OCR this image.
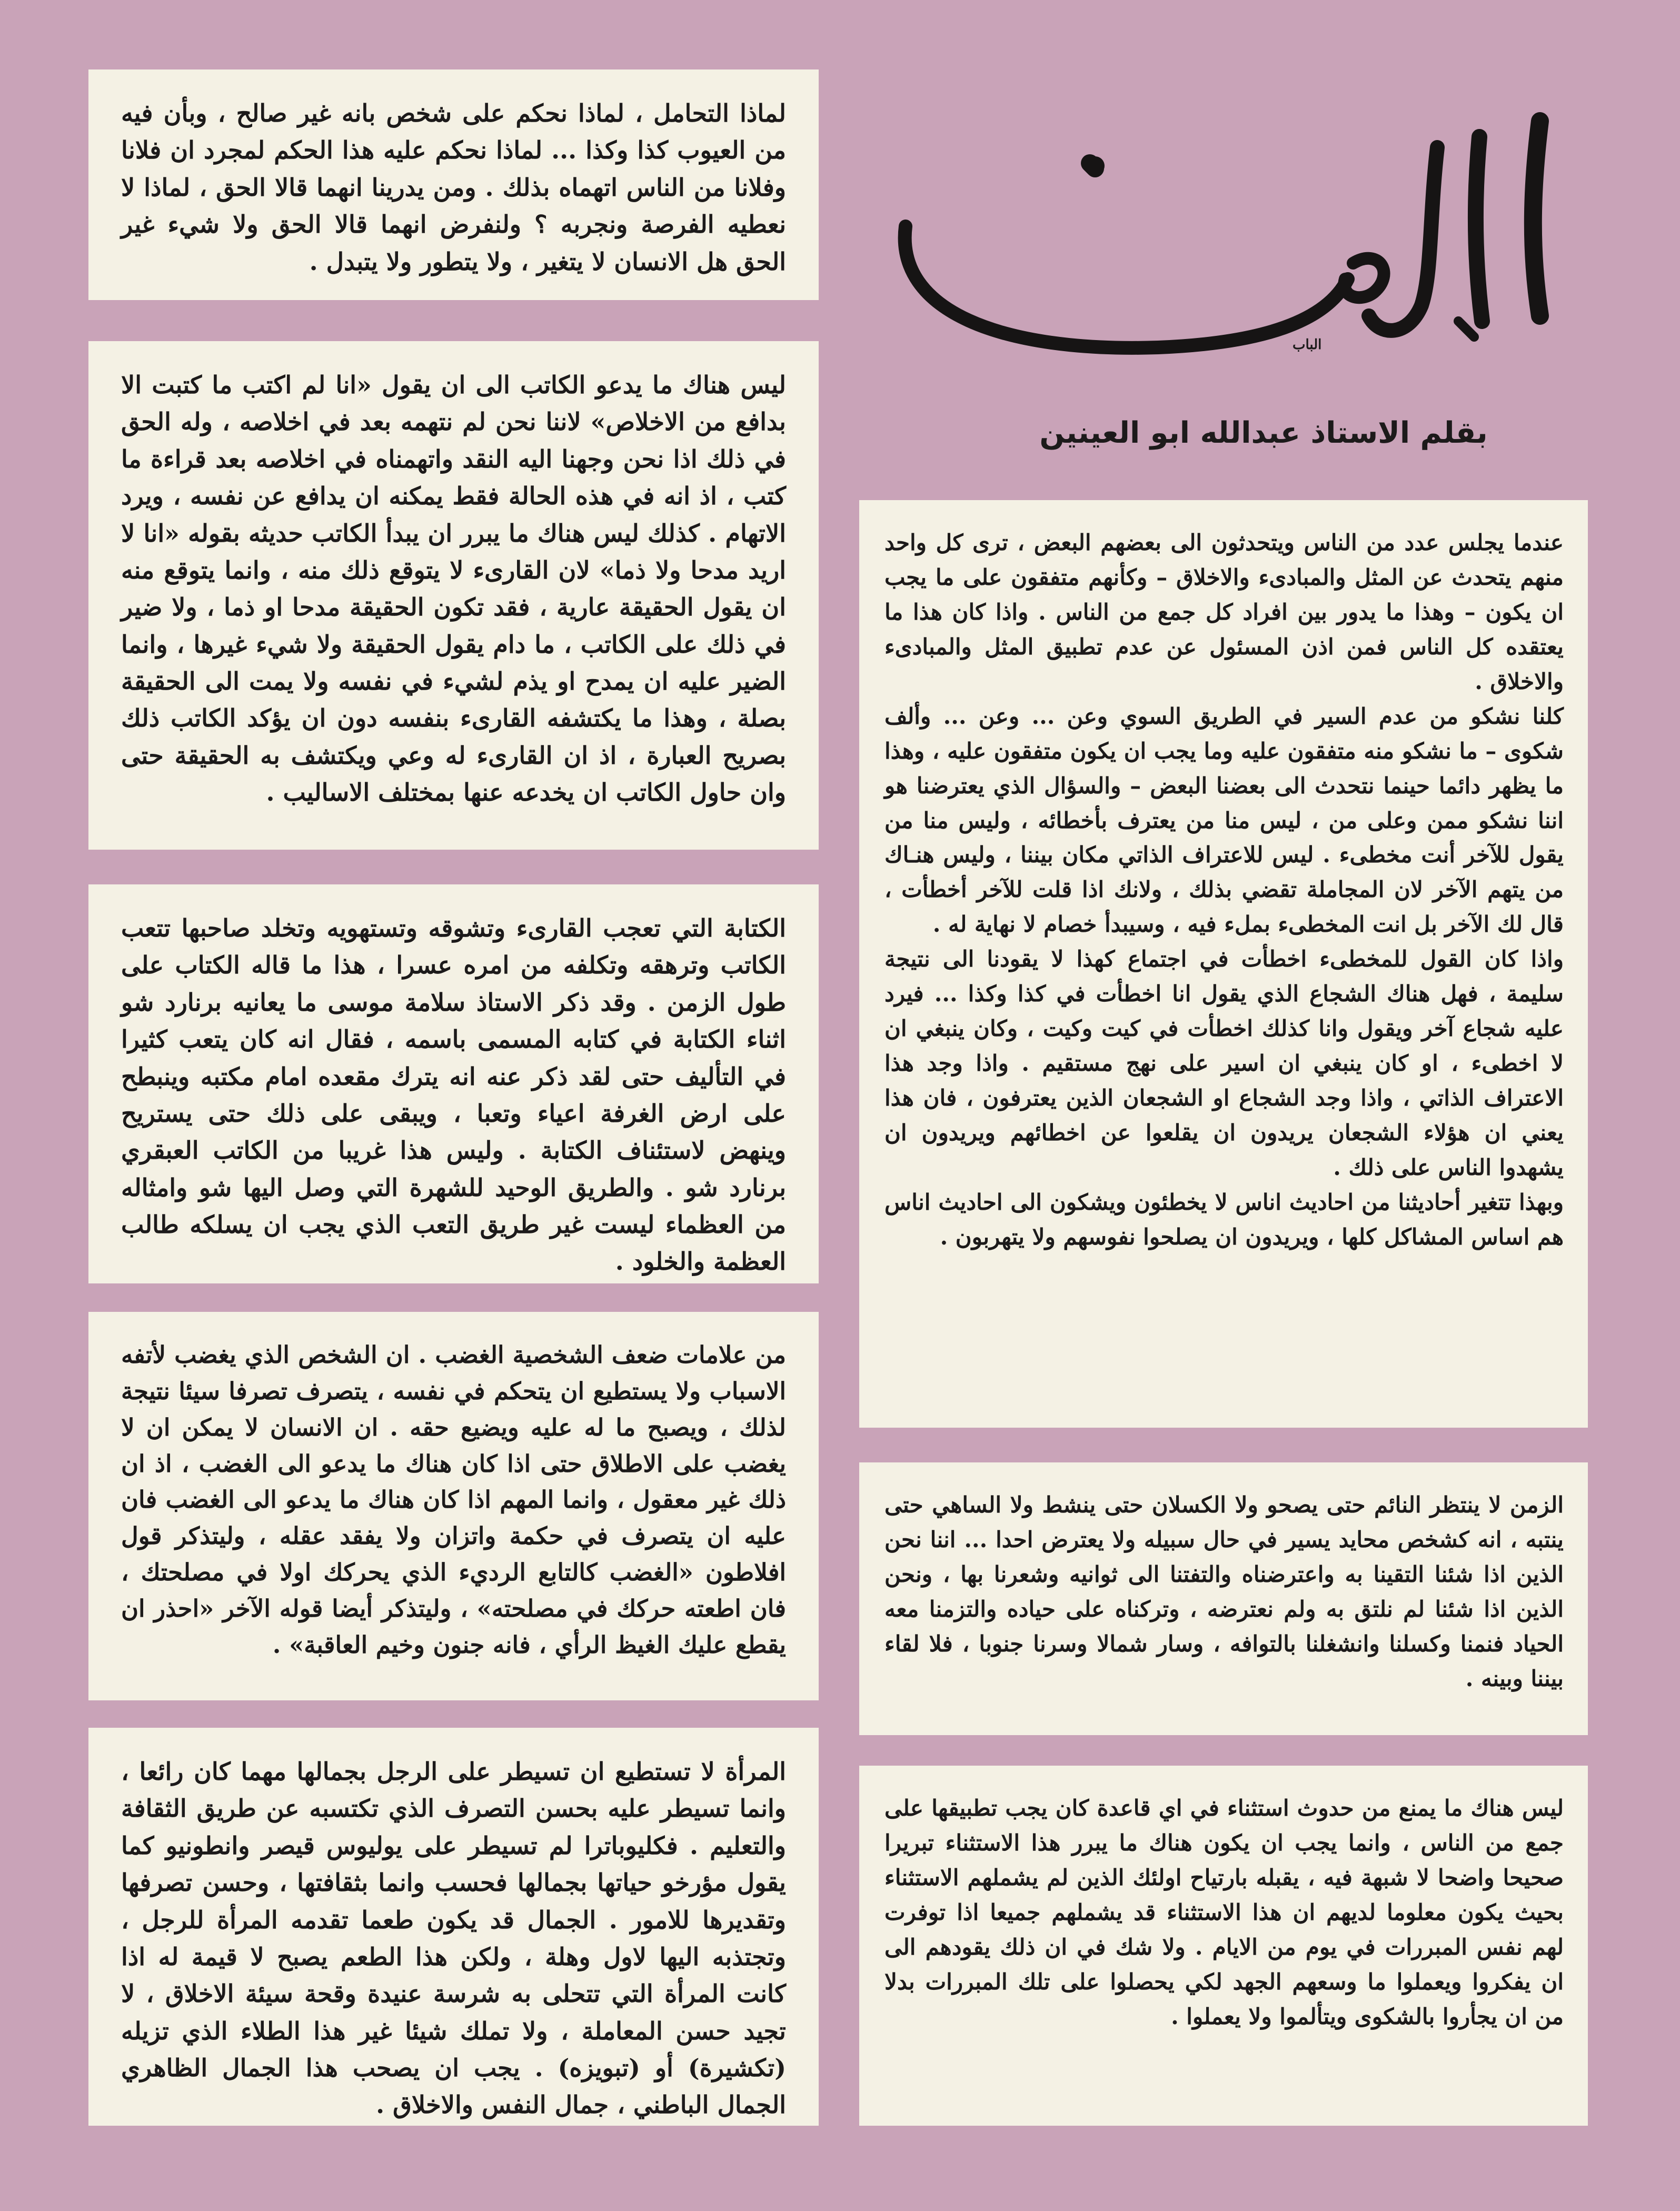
الباب
بقلم الاستاذ عبدالله ابو العينين

لماذا التحامل ، لماذا نحكم على شخص بانه غير صالح ، وبأن فيه من العيوب كذا وكذا ... لماذا نحكم عليه هذا الحكم لمجرد ان فلانا وفلانا من الناس اتهماه بذلك . ومن يدرينا انهما قالا الحق ، لماذا لا نعطيه الفرصة ونجربه ؟ ولنفرض انهما قالا الحق ولا شيء غير الحق هل الانسان لا يتغير ، ولا يتطور ولا يتبدل .

ليس هناك ما يدعو الكاتب الى ان يقول «انا لم اكتب ما كتبت الا بدافع من الاخلاص» لاننا نحن لم نتهمه بعد في اخلاصه ، وله الحق في ذلك اذا نحن وجهنا اليه النقد واتهمناه في اخلاصه بعد قراءة ما كتب ، اذ انه في هذه الحالة فقط يمكنه ان يدافع عن نفسه ، ويرد الاتهام . كذلك ليس هناك ما يبرر ان يبدأ الكاتب حديثه بقوله «انا لا اريد مدحا ولا ذما» لان القارىء لا يتوقع ذلك منه ، وانما يتوقع منه ان يقول الحقيقة عارية ، فقد تكون الحقيقة مدحا او ذما ، ولا ضير في ذلك على الكاتب ، ما دام يقول الحقيقة ولا شيء غيرها ، وانما الضير عليه ان يمدح او يذم لشيء في نفسه ولا يمت الى الحقيقة بصلة ، وهذا ما يكتشفه القارىء بنفسه دون ان يؤكد الكاتب ذلك بصريح العبارة ، اذ ان القارىء له وعي ويكتشف به الحقيقة حتى وان حاول الكاتب ان يخدعه عنها بمختلف الاساليب .

الكتابة التي تعجب القارىء وتشوقه وتستهويه وتخلد صاحبها تتعب الكاتب وترهقه وتكلفه من امره عسرا ، هذا ما قاله الكتاب على طول الزمن . وقد ذكر الاستاذ سلامة موسى ما يعانيه برنارد شو اثناء الكتابة في كتابه المسمى باسمه ، فقال انه كان يتعب كثيرا في التأليف حتى لقد ذكر عنه انه يترك مقعده امام مكتبه وينبطح على ارض الغرفة اعياء وتعبا ، ويبقى على ذلك حتى يستريح وينهض لاستئناف الكتابة . وليس هذا غريبا من الكاتب العبقري برنارد شو . والطريق الوحيد للشهرة التي وصل اليها شو وامثاله من العظماء ليست غير طريق التعب الذي يجب ان يسلكه طالب العظمة والخلود .

من علامات ضعف الشخصية الغضب . ان الشخص الذي يغضب لأتفه الاسباب ولا يستطيع ان يتحكم في نفسه ، يتصرف تصرفا سيئا نتيجة لذلك ، ويصبح ما له عليه ويضيع حقه . ان الانسان لا يمكن ان لا يغضب على الاطلاق حتى اذا كان هناك ما يدعو الى الغضب ، اذ ان ذلك غير معقول ، وانما المهم اذا كان هناك ما يدعو الى الغضب فان عليه ان يتصرف في حكمة واتزان ولا يفقد عقله ، وليتذكر قول افلاطون «الغضب كالتابع الرديء الذي يحركك اولا في مصلحتك ، فان اطعته حركك في مصلحته» ، وليتذكر أيضا قوله الآخر «احذر ان يقطع عليك الغيظ الرأي ، فانه جنون وخيم العاقبة» .

المرأة لا تستطيع ان تسيطر على الرجل بجمالها مهما كان رائعا ، وانما تسيطر عليه بحسن التصرف الذي تكتسبه عن طريق الثقافة والتعليم . فكليوباترا لم تسيطر على يوليوس قيصر وانطونيو كما يقول مؤرخو حياتها بجمالها فحسب وانما بثقافتها ، وحسن تصرفها وتقديرها للامور . الجمال قد يكون طعما تقدمه المرأة للرجل ، وتجتذبه اليها لاول وهلة ، ولكن هذا الطعم يصبح لا قيمة له اذا كانت المرأة التي تتحلى به شرسة عنيدة وقحة سيئة الاخلاق ، لا تجيد حسن المعاملة ، ولا تملك شيئا غير هذا الطلاء الذي تزيله (تكشيرة) أو (تبويزه) . يجب ان يصحب هذا الجمال الظاهري الجمال الباطني ، جمال النفس والاخلاق .

عندما يجلس عدد من الناس ويتحدثون الى بعضهم البعض ، ترى كل واحد منهم يتحدث عن المثل والمبادىء والاخلاق – وكأنهم متفقون على ما يجب ان يكون – وهذا ما يدور بين افراد كل جمع من الناس . واذا كان هذا ما يعتقده كل الناس فمن اذن المسئول عن عدم تطبيق المثل والمبادىء والاخلاق .

كلنا نشكو من عدم السير في الطريق السوي وعن ... وعن ... وألف شكوى – ما نشكو منه متفقون عليه وما يجب ان يكون متفقون عليه ، وهذا ما يظهر دائما حينما نتحدث الى بعضنا البعض – والسؤال الذي يعترضنا هو اننا نشكو ممن وعلى من ، ليس منا من يعترف بأخطائه ، وليس منا من يقول للآخر أنت مخطىء . ليس للاعتراف الذاتي مكان بيننا ، وليس هنـاك من يتهم الآخر لان المجاملة تقضي بذلك ، ولانك اذا قلت للآخر أخطأت ، قال لك الآخر بل انت المخطىء بملء فيه ، وسيبدأ خصام لا نهاية له .

واذا كان القول للمخطىء اخطأت في اجتماع كهذا لا يقودنا الى نتيجة سليمة ، فهل هناك الشجاع الذي يقول انا اخطأت في كذا وكذا ... فيرد عليه شجاع آخر ويقول وانا كذلك اخطأت في كيت وكيت ، وكان ينبغي ان لا اخطىء ، او كان ينبغي ان اسير على نهج مستقيم . واذا وجد هذا الاعتراف الذاتي ، واذا وجد الشجاع او الشجعان الذين يعترفون ، فان هذا يعني ان هؤلاء الشجعان يريدون ان يقلعوا عن اخطائهم ويريدون ان يشهدوا الناس على ذلك .

وبهذا تتغير أحاديثنا من احاديث اناس لا يخطئون ويشكون الى احاديث اناس هم اساس المشاكل كلها ، ويريدون ان يصلحوا نفوسهم ولا يتهربون .

الزمن لا ينتظر النائم حتى يصحو ولا الكسلان حتى ينشط ولا الساهي حتى ينتبه ، انه كشخص محايد يسير في حال سبيله ولا يعترض احدا ... اننا نحن الذين اذا شئنا التقينا به واعترضناه والتفتنا الى ثوانيه وشعرنا بها ، ونحن الذين اذا شئنا لم نلتق به ولم نعترضه ، وتركناه على حياده والتزمنا معه الحياد فنمنا وكسلنا وانشغلنا بالتوافه ، وسار شمالا وسرنا جنوبا ، فلا لقاء بيننا وبينه .

ليس هناك ما يمنع من حدوث استثناء في اي قاعدة كان يجب تطبيقها على جمع من الناس ، وانما يجب ان يكون هناك ما يبرر هذا الاستثناء تبريرا صحيحا واضحا لا شبهة فيه ، يقبله بارتياح اولئك الذين لم يشملهم الاستثناء بحيث يكون معلوما لديهم ان هذا الاستثناء قد يشملهم جميعا اذا توفرت لهم نفس المبررات في يوم من الايام . ولا شك في ان ذلك يقودهم الى ان يفكروا ويعملوا ما وسعهم الجهد لكي يحصلوا على تلك المبررات بدلا من ان يجأروا بالشكوى ويتألموا ولا يعملوا .
